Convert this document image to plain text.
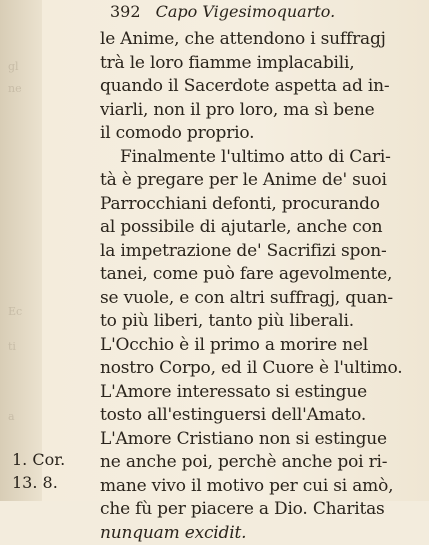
gl
ne
Ec
ti
a
392 Capo Vigesimoquarto.
le Anime, che attendono i suffragj
trà le loro fiamme implacabili,
quando il Sacerdote aspetta ad in-
viarli, non il pro loro, ma sì bene
il comodo proprio.
Finalmente l'ultimo atto di Cari-
tà è pregare per le Anime de' suoi
Parrocchiani defonti, procurando
al possibile di ajutarle, anche con
la impetrazione de' Sacrifizi spon-
tanei, come può fare agevolmente,
se vuole, e con altri suffragj, quan-
to più liberi, tanto più liberali.
L'Occhio è il primo a morire nel
nostro Corpo, ed il Cuore è l'ultimo.
L'Amore interessato si estingue
tosto all'estinguersi dell'Amato.
L'Amore Cristiano non si estingue
ne anche poi, perchè anche poi ri-
mane vivo il motivo per cui si amò,
che fù per piacere a Dio. Charitas
nunquam excidit.
1. Cor.
13. 8.
